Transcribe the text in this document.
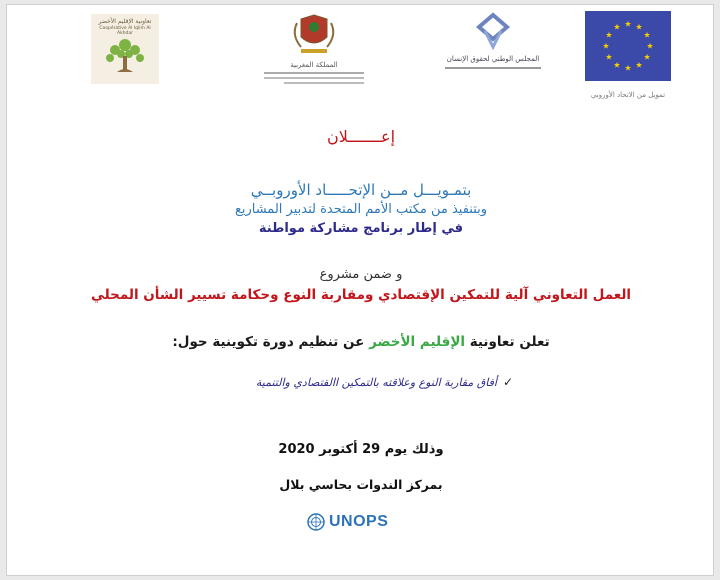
تعاونية الإقليم الأخضر
Coopérative Al Iqlim Al Akhdar
المملكة المغربية
المجلس الوطني لحقوق الإنسان
تمويل من الاتحاد الأوروبي
إعـــــــلان
بتمـويـــل مــن الإتحـــــاد الأوروبــي
وبتنفيذ من مكتب الأمم المتحدة لتدبير المشاريع
في إطار برنامج مشاركة مواطنة
و ضمن مشروع
العمل التعاوني آلية للتمكين الإقتصادي ومقاربة النوع وحكامة تسيير الشأن المحلي
تعلن تعاونية الإقليم الأخضر عن تنظيم دورة تكوينية حول:
✓
أفاق مقاربة النوع وعلاقته بالتمكين االقتصادي والتنمية
وذلك يوم 29 أكتوبر 2020
بمركز الندوات بحاسي بلال
UNOPS
